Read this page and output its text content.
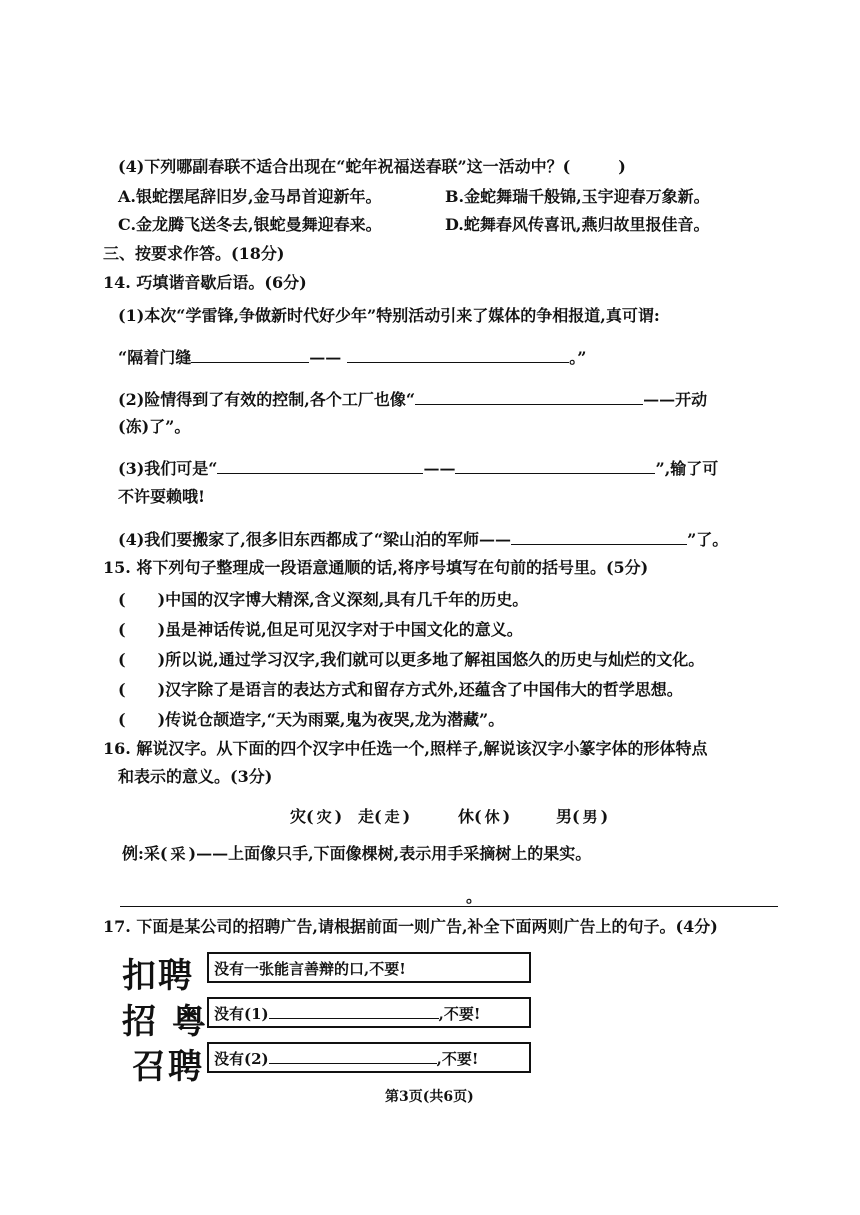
(4)下列哪副春联不适合出现在“蛇年祝福送春联”这一活动中？(　　　)
A.银蛇摆尾辞旧岁,金马昂首迎新年。	B.金蛇舞瑞千般锦,玉宇迎春万象新。
C.金龙腾飞送冬去,银蛇曼舞迎春来。	D.蛇舞春风传喜讯,燕归故里报佳音。
三、按要求作答。(18分)
14. 巧填谐音歇后语。(6分)
(1)本次“学雷锋,争做新时代好少年”特别活动引来了媒体的争相报道,真可谓:
“隔着门缝	——	。”
(2)险情得到了有效的控制,各个工厂也像“	——开动
(冻)了”。
(3)我们可是“	——	”,输了可
不许耍赖哦!
(4)我们要搬家了,很多旧东西都成了“梁山泊的军师——	”了。
15. 将下列句子整理成一段语意通顺的话,将序号填写在句前的括号里。(5分)
(　　)中国的汉字博大精深,含义深刻,具有几千年的历史。
(　　)虽是神话传说,但足可见汉字对于中国文化的意义。
(　　)所以说,通过学习汉字,我们就可以更多地了解祖国悠久的历史与灿烂的文化。
(　　)汉字除了是语言的表达方式和留存方式外,还蕴含了中国伟大的哲学思想。
(　　)传说仓颉造字,“天为雨粟,鬼为夜哭,龙为潜藏”。
16. 解说汉字。从下面的四个汉字中任选一个,照样子,解说该汉字小篆字体的形体特点
和表示的意义。(3分)
灾( 灾 ) 走( 走 )	休( 休 )	男( 男 )
例:采( 采 )——上面像只手,下面像棵树,表示用手采摘树上的果实。
。
17. 下面是某公司的招聘广告,请根据前面一则广告,补全下面两则广告上的句子。(4分)
扣聘	没有一张能言善辩的口,不要!
招 粤 没有(1)	,不要!
召聘 没有(2)	,不要!
第3页(共6页)
